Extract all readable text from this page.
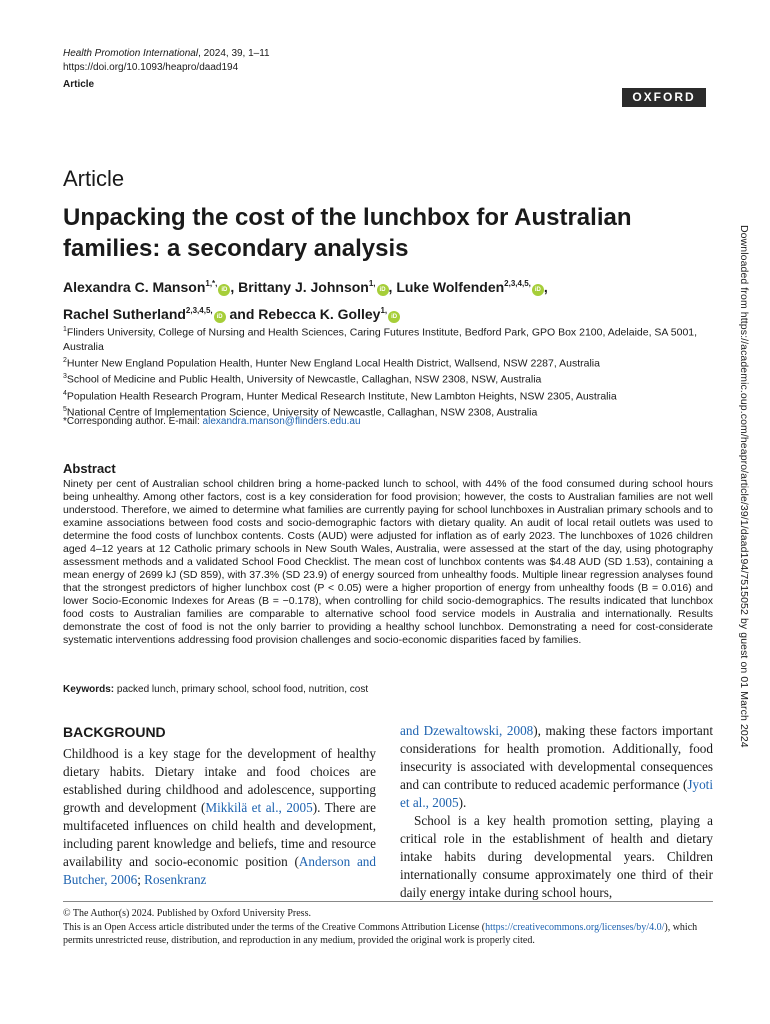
Health Promotion International, 2024, 39, 1–11
https://doi.org/10.1093/heapro/daad194
Article
OXFORD
Article
Unpacking the cost of the lunchbox for Australian families: a secondary analysis
Alexandra C. Manson$^{1,*,}$iD , Brittany J. Johnson$^{1,}$iD , Luke Wolfenden$^{2,3,4,5,}$iD ,
Rachel Sutherland$^{2,3,4,5,}$iD and Rebecca K. Golley$^{1,}$iD
$^1$Flinders University, College of Nursing and Health Sciences, Caring Futures Institute, Bedford Park, GPO Box 2100, Adelaide, SA 5001, Australia
$^2$Hunter New England Population Health, Hunter New England Local Health District, Wallsend, NSW 2287, Australia
$^3$School of Medicine and Public Health, University of Newcastle, Callaghan, NSW 2308, NSW, Australia
$^4$Population Health Research Program, Hunter Medical Research Institute, New Lambton Heights, NSW 2305, Australia
$^5$National Centre of Implementation Science, University of Newcastle, Callaghan, NSW 2308, Australia
*Corresponding author. E-mail: alexandra.manson@flinders.edu.au
Abstract
Ninety per cent of Australian school children bring a home-packed lunch to school, with 44% of the food consumed during school hours being unhealthy. Among other factors, cost is a key consideration for food provision; however, the costs to Australian families are not well understood. Therefore, we aimed to determine what families are currently paying for school lunchboxes in Australian primary schools and to examine associations between food costs and socio-demographic factors with dietary quality. An audit of local retail outlets was used to determine the food costs of lunchbox contents. Costs (AUD) were adjusted for inflation as of early 2023. The lunchboxes of 1026 children aged 4–12 years at 12 Catholic primary schools in New South Wales, Australia, were assessed at the start of the day, using photography assessment methods and a validated School Food Checklist. The mean cost of lunchbox contents was $4.48 AUD (SD 1.53), containing a mean energy of 2699 kJ (SD 859), with 37.3% (SD 23.9) of energy sourced from unhealthy foods. Multiple linear regression analyses found that the strongest predictors of higher lunchbox cost (P < 0.05) were a higher proportion of energy from unhealthy foods (B = 0.016) and lower Socio-Economic Indexes for Areas (B = −0.178), when controlling for child socio-demographics. The results indicated that lunchbox food costs to Australian families are comparable to alternative school food service models in Australia and internationally. Results demonstrate the cost of food is not the only barrier to providing a healthy school lunchbox. Demonstrating a need for cost-considerate systematic interventions addressing food provision challenges and socio-economic disparities faced by families.
Keywords: packed lunch, primary school, school food, nutrition, cost
BACKGROUND
Childhood is a key stage for the development of healthy dietary habits. Dietary intake and food choices are established during childhood and adolescence, supporting growth and development (Mikkilä et al., 2005). There are multifaceted influences on child health and development, including parent knowledge and beliefs, time and resource availability and socio-economic position (Anderson and Butcher, 2006; Rosenkranz
and Dzewaltowski, 2008), making these factors important considerations for health promotion. Additionally, food insecurity is associated with developmental consequences and can contribute to reduced academic performance (Jyoti et al., 2005).
School is a key health promotion setting, playing a critical role in the establishment of health and dietary intake habits during developmental years. Children internationally consume approximately one third of their daily energy intake during school hours,
© The Author(s) 2024. Published by Oxford University Press.
This is an Open Access article distributed under the terms of the Creative Commons Attribution License (https://creativecommons.org/licenses/by/4.0/), which permits unrestricted reuse, distribution, and reproduction in any medium, provided the original work is properly cited.
Downloaded from https://academic.oup.com/heapro/article/39/1/daad194/7515052 by guest on 01 March 2024
